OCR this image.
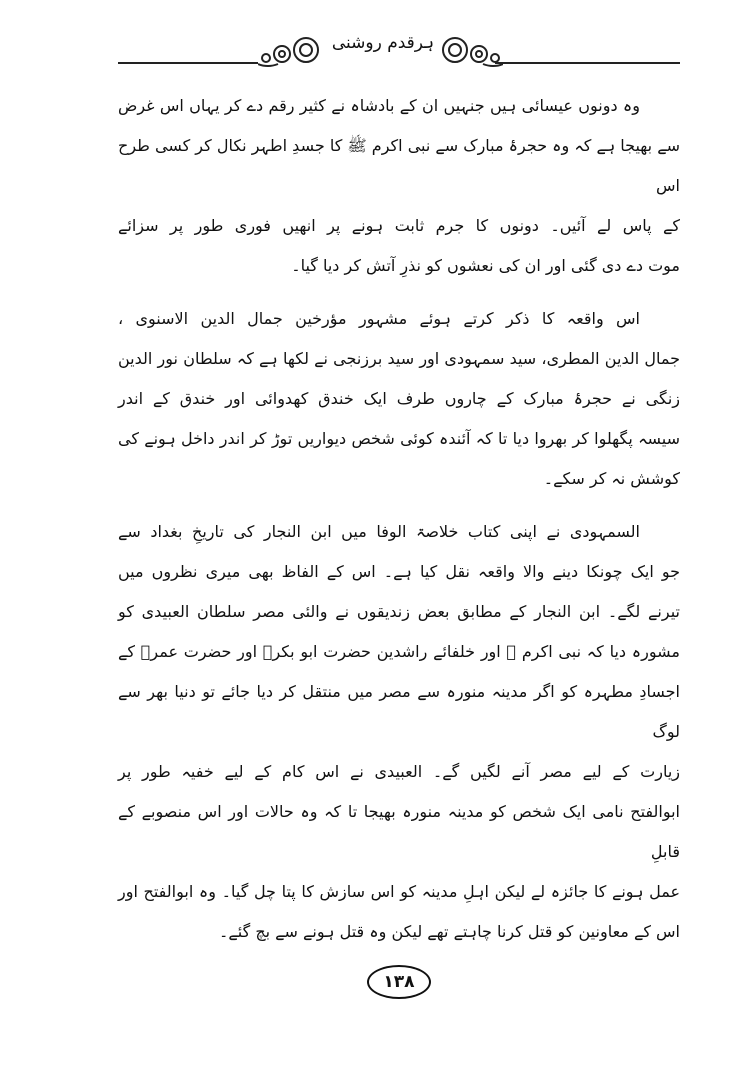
ہرقدم روشنی
وہ دونوں عیسائی ہیں جنہیں ان کے بادشاہ نے کثیر رقم دے کر یہاں اس غرض
سے بھیجا ہے کہ وہ حجرۂ مبارک سے نبی اکرم ﷺ کا جسدِ اطہر نکال کر کسی طرح اس
کے پاس لے آئیں۔ دونوں کا جرم ثابت ہونے پر انھیں فوری طور پر سزائے
موت دے دی گئی اور ان کی نعشوں کو نذرِ آتش کر دیا گیا۔
اس واقعہ کا ذکر کرتے ہوئے مشہور مؤرخین جمال الدین الاسنوی ،
جمال الدین المطری، سید سمہودی اور سید برزنجی نے لکھا ہے کہ سلطان نور الدین
زنگی نے حجرۂ مبارک کے چاروں طرف ایک خندق کھدوائی اور خندق کے اندر
سیسہ پگھلوا کر بھروا دیا تا کہ آئندہ کوئی شخص دیواریں توڑ کر اندر داخل ہونے کی
کوشش نہ کر سکے۔
السمہودی نے اپنی کتاب خلاصۃ الوفا میں ابن النجار کی تاریخِ بغداد سے
جو ایک چونکا دینے والا واقعہ نقل کیا ہے۔ اس کے الفاظ بھی میری نظروں میں
تیرنے لگے۔ ابن النجار کے مطابق بعض زندیقوں نے والئی مصر سلطان العبیدی کو
مشورہ دیا کہ نبی اکرم ﷺ اور خلفائے راشدین حضرت ابو بکرؓ اور حضرت عمرؓ کے
اجسادِ مطہرہ کو اگر مدینہ منورہ سے مصر میں منتقل کر دیا جائے تو دنیا بھر سے لوگ
زیارت کے لیے مصر آنے لگیں گے۔ العبیدی نے اس کام کے لیے خفیہ طور پر
ابوالفتح نامی ایک شخص کو مدینہ منورہ بھیجا تا کہ وہ حالات اور اس منصوبے کے قابلِ
عمل ہونے کا جائزہ لے لیکن اہلِ مدینہ کو اس سازش کا پتا چل گیا۔ وہ ابوالفتح اور
اس کے معاونین کو قتل کرنا چاہتے تھے لیکن وہ قتل ہونے سے بچ گئے۔
۱۳۸
